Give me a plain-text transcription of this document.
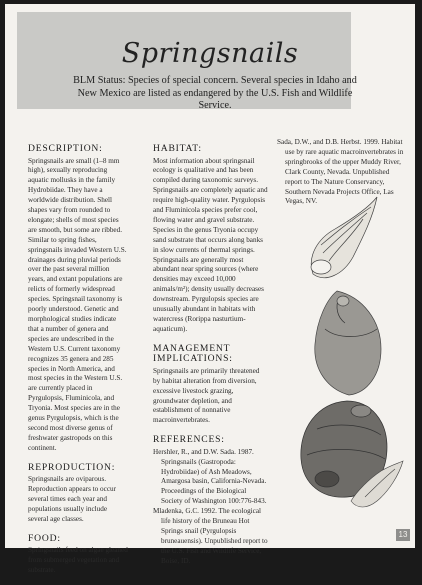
Springsnails
BLM Status: Species of special concern. Several species in Idaho and New Mexico are listed as endangered by the U.S. Fish and Wildlife Service.
DESCRIPTION:

Springsnails are small (1–8 mm high), sexually reproducing aquatic mollusks in the family Hydrobiidae. They have a worldwide distribution. Shell shapes vary from rounded to elongate; shells of most species are smooth, but some are ribbed. Similar to spring fishes, springsnails invaded Western U.S. drainages during pluvial periods over the past several million years, and extant populations are relicts of formerly widespread species. Springsnail taxonomy is poorly understood. Genetic and morphological studies indicate that a number of genera and species are undescribed in the Western U.S. Current taxonomy recognizes 35 genera and 285 species in North America, and most species in the Western U.S. are currently placed in Pyrgulopsis, Fluminicola, and Tryonia. Most species are in the genus Pyrgulopsis, which is the second most diverse genus of freshwater gastropods on this continent.

REPRODUCTION:

Springsnails are oviparous. Reproduction appears to occur several times each year and populations usually include several age classes.

FOOD:

Springsnails feed on algae gleaned from submerged vegetation and substrate.

HABITAT:

Most information about springsnail ecology is qualitative and has been compiled during taxonomic surveys. Springsnails are completely aquatic and require high-quality water. Pyrgulopsis and Fluminicola species prefer cool, flowing water and gravel substrate. Species in the genus Tryonia occupy sand substrate that occurs along banks in slow currents of thermal springs. Springsnails are generally most abundant near spring sources (where densities may exceed 10,000 animals/m²); density usually decreases downstream. Pyrgulopsis species are unusually abundant in habitats with watercress (Rorippa nasturtium-aquaticum).

MANAGEMENT IMPLICATIONS:

Springsnails are primarily threatened by habitat alteration from diversion, excessive livestock grazing, groundwater depletion, and establishment of nonnative macroinvertebrates.

REFERENCES:

Hershler, R., and D.W. Sada. 1987. Springsnails (Gastropoda: Hydrobiidae) of Ash Meadows, Amargosa basin, California-Nevada. Proceedings of the Biological Society of Washington 100:776-843.

Mladenka, G.C. 1992. The ecological life history of the Bruneau Hot Springs snail (Pyrgulopsis bruneauensis). Unpublished report to the U.S. Fish and Wildlife Service, Boise, ID.

Sada, D.W., and D.B. Herbst. 1999. Habitat use by rare aquatic macroinvertebrates in springbrooks of the upper Muddy River, Clark County, Nevada. Unpublished report to The Nature Conservancy, Southern Nevada Projects Office, Las Vegas, NV.

13
